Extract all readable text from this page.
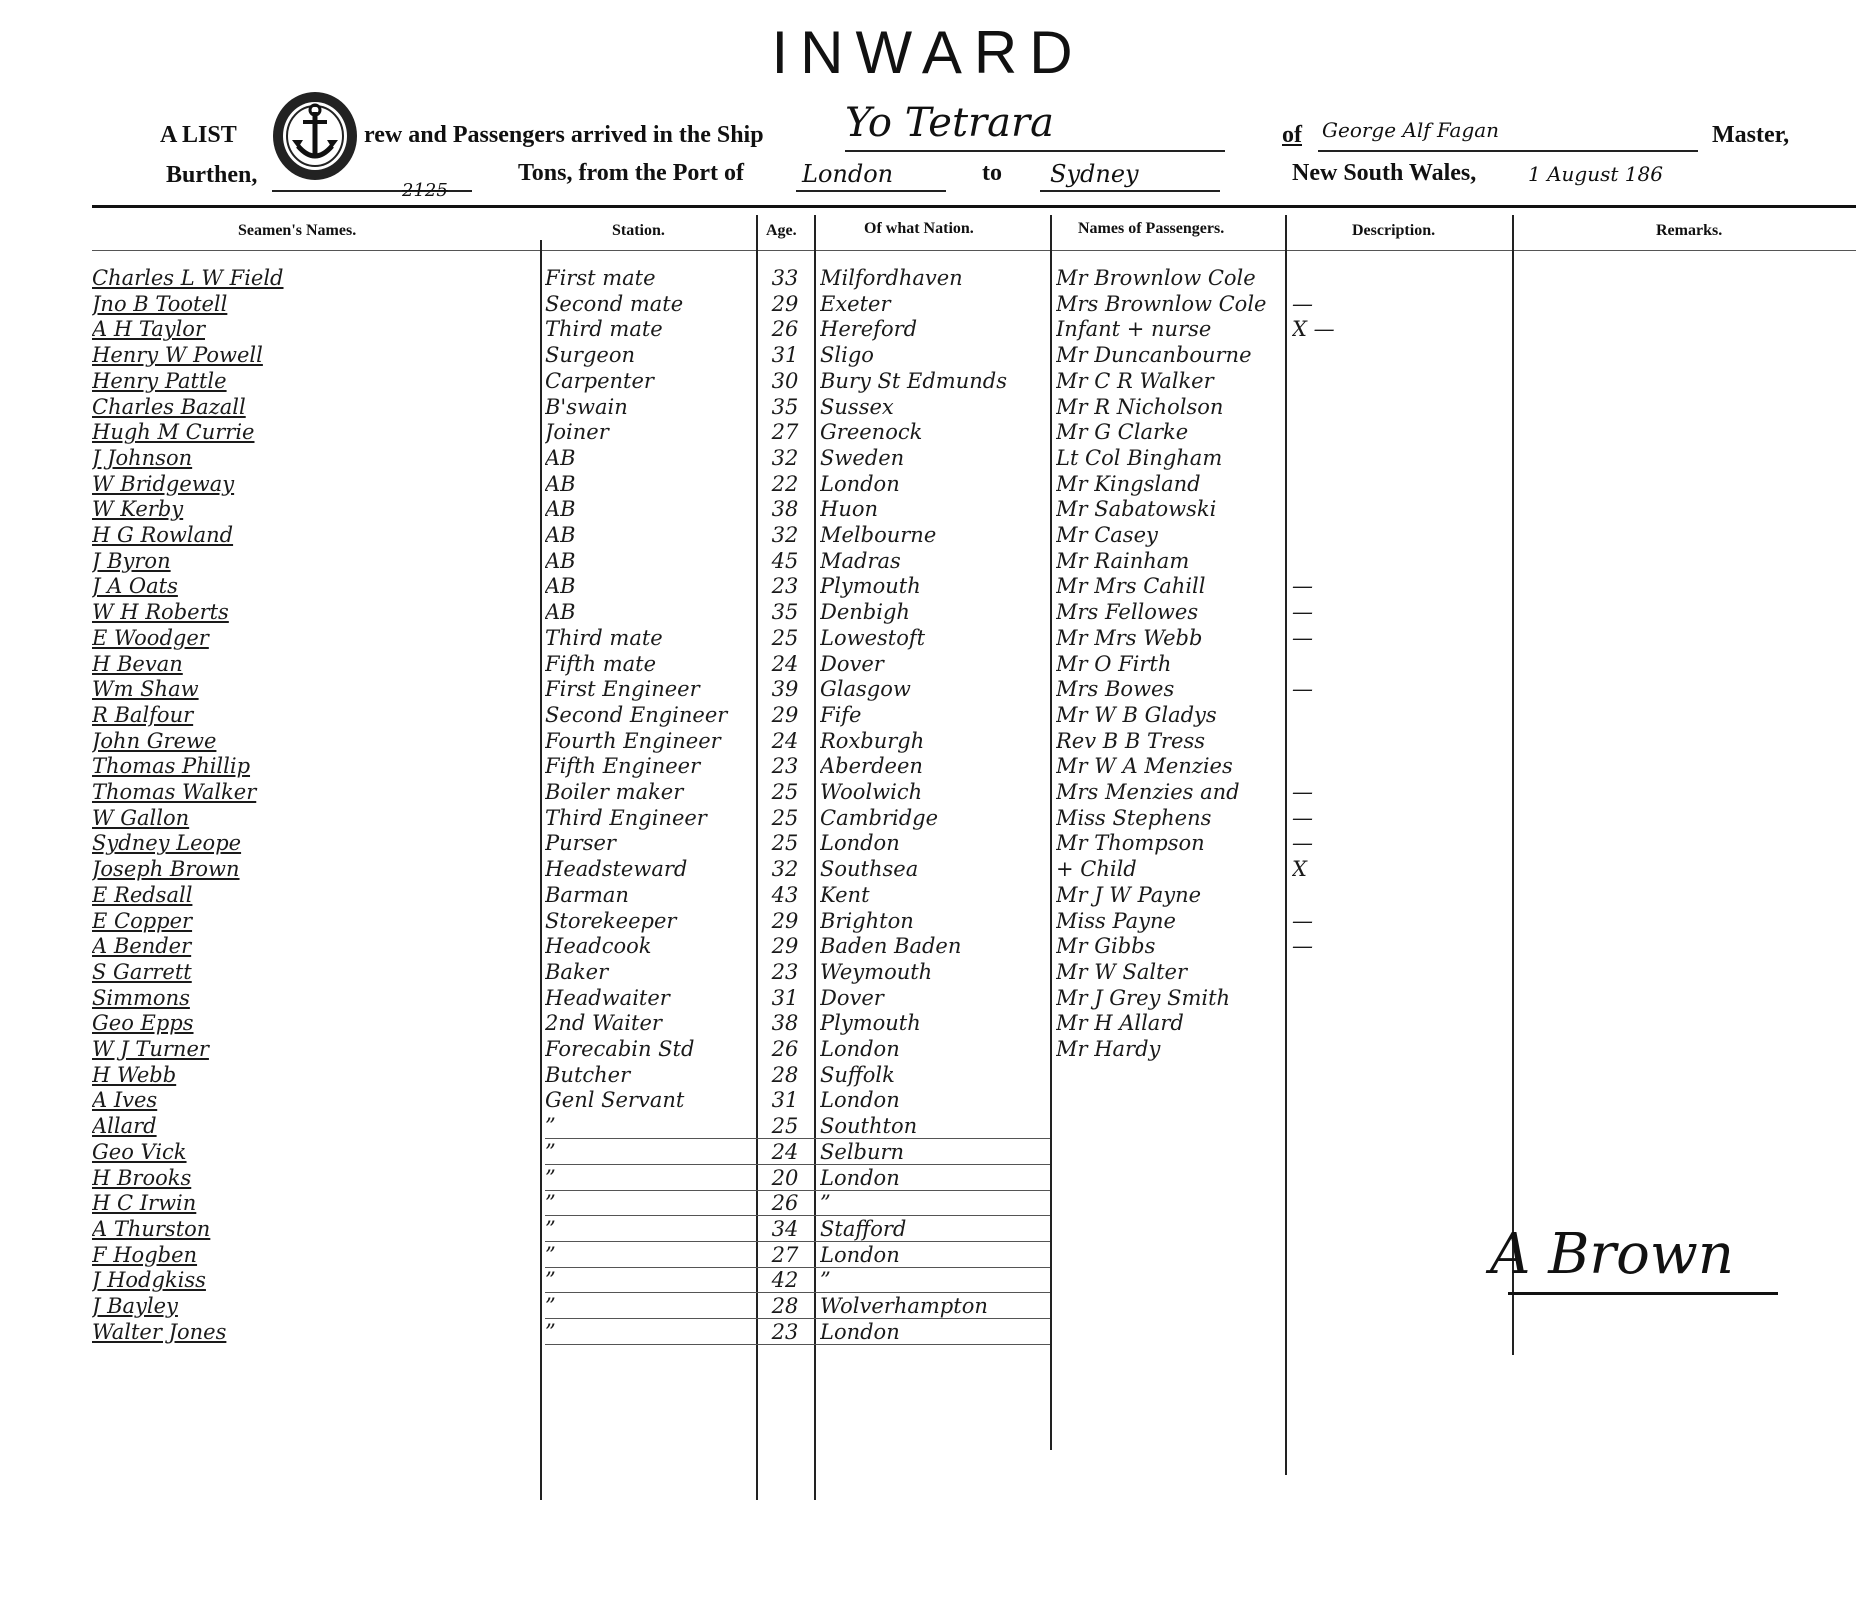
INWARD
A LIST	rew and Passengers arrived in the Ship Yo Tetrara	of George Alf Fagan	Master,
Burthen,
2125
Tons, from the Port of London	to Sydney	New South Wales,	1 August 186
Seamen's Names.	Station.	Age.	Of what Nation.	Names of Passengers.	Description.	Remarks.
Charles L W Field	First mate	33	Milfordhaven	Mr Brownlow Cole
Jno B Tootell	Second mate	29	Exeter	Mrs Brownlow Cole	—
A H Taylor	Third mate	26	Hereford	Infant + nurse	X —
Henry W Powell	Surgeon	31	Sligo	Mr Duncanbourne
Henry Pattle	Carpenter	30	Bury St Edmunds	Mr C R Walker
Charles Bazall	B'swain	35	Sussex	Mr R Nicholson
Hugh M Currie	Joiner	27	Greenock	Mr G Clarke
J Johnson	AB	32	Sweden	Lt Col Bingham
W Bridgeway	AB	22	London	Mr Kingsland
W Kerby	AB	38	Huon	Mr Sabatowski
H G Rowland	AB	32	Melbourne	Mr Casey
J Byron	AB	45	Madras	Mr Rainham
J A Oats	AB	23	Plymouth	Mr Mrs Cahill	—
W H Roberts	AB	35	Denbigh	Mrs Fellowes	—
E Woodger	Third mate	25	Lowestoft	Mr Mrs Webb	—
H Bevan	Fifth mate	24	Dover	Mr O Firth
Wm Shaw	First Engineer	39	Glasgow	Mrs Bowes	—
R Balfour	Second Engineer	29	Fife	Mr W B Gladys
John Grewe	Fourth Engineer	24	Roxburgh	Rev B B Tress
Thomas Phillip	Fifth Engineer	23	Aberdeen	Mr W A Menzies
Thomas Walker	Boiler maker	25	Woolwich	Mrs Menzies and	—
W Gallon	Third Engineer	25	Cambridge	Miss Stephens	—
Sydney Leope	Purser	25	London	Mr Thompson	—
Joseph Brown	Headsteward	32	Southsea	+ Child	X
E Redsall	Barman	43	Kent	Mr J W Payne
E Copper	Storekeeper	29	Brighton	Miss Payne	—
A Bender	Headcook	29	Baden Baden	Mr Gibbs	—
S Garrett	Baker	23	Weymouth	Mr W Salter
Simmons	Headwaiter	31	Dover	Mr J Grey Smith
Geo Epps	2nd Waiter	38	Plymouth	Mr H Allard
W J Turner	Forecabin Std	26	London	Mr Hardy
H Webb	Butcher	28	Suffolk
A Ives	Genl Servant	31	London
Allard	”	25	Southton
Geo Vick	”	24	Selburn
H Brooks	”	20	London
H C Irwin	”	26	”
A Thurston	”	34	Stafford
F Hogben	”	27	London
J Hodgkiss	”	42	”
J Bayley	”	28	Wolverhampton
Walter Jones	”	23	London
A Brown
